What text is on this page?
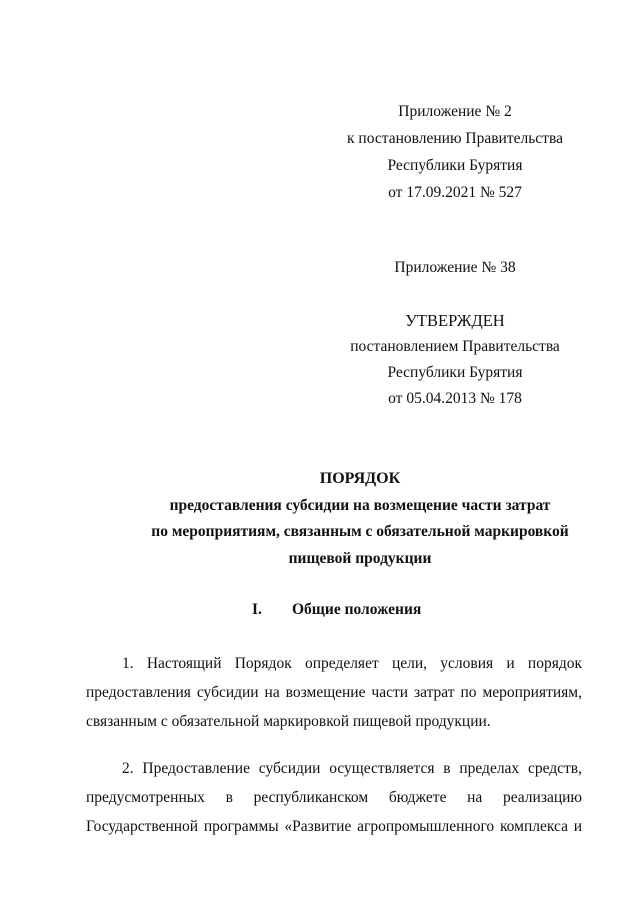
Приложение № 2
к постановлению Правительства
Республики Бурятия
от 17.09.2021 № 527
Приложение № 38
УТВЕРЖДЕН
постановлением Правительства
Республики Бурятия
от 05.04.2013 № 178
ПОРЯДОК
предоставления субсидии на возмещение части затрат
по мероприятиям, связанным с обязательной маркировкой
пищевой продукции
I. Общие положения
1. Настоящий Порядок определяет цели, условия и порядок
предоставления субсидии на возмещение части затрат по мероприятиям,
связанным с обязательной маркировкой пищевой продукции.
2. Предоставление субсидии осуществляется в пределах средств,
предусмотренных в республиканском бюджете на реализацию
Государственной программы «Развитие агропромышленного комплекса и
